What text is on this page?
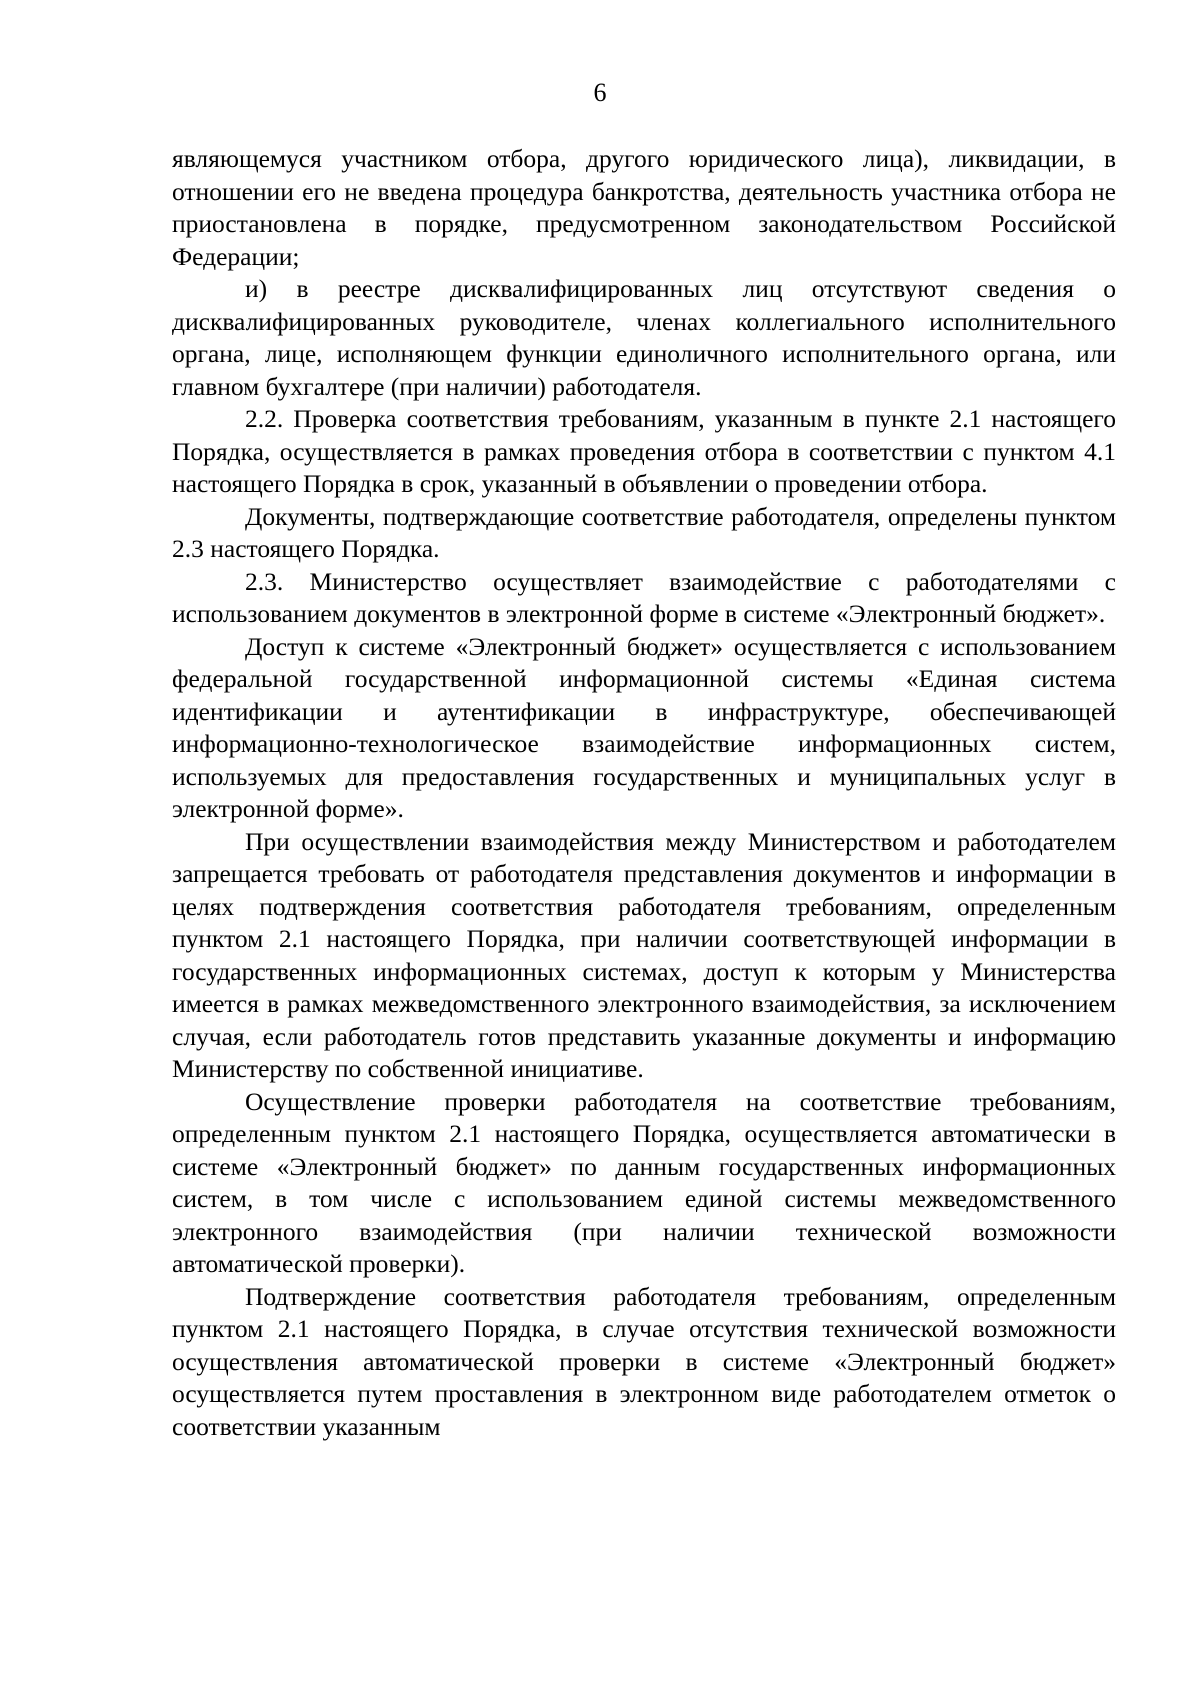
6

являющемуся участником отбора, другого юридического лица), ликвидации, в отношении его не введена процедура банкротства, деятельность участника отбора не приостановлена в порядке, предусмотренном законодательством Российской Федерации;

и) в реестре дисквалифицированных лиц отсутствуют сведения о дисквалифицированных руководителе, членах коллегиального исполнительного органа, лице, исполняющем функции единоличного исполнительного органа, или главном бухгалтере (при наличии) работодателя.

2.2. Проверка соответствия требованиям, указанным в пункте 2.1 настоящего Порядка, осуществляется в рамках проведения отбора в соответствии с пунктом 4.1 настоящего Порядка в срок, указанный в объявлении о проведении отбора.

Документы, подтверждающие соответствие работодателя, определены пунктом 2.3 настоящего Порядка.

2.3. Министерство осуществляет взаимодействие с работодателями с использованием документов в электронной форме в системе «Электронный бюджет».

Доступ к системе «Электронный бюджет» осуществляется с использованием федеральной государственной информационной системы «Единая система идентификации и аутентификации в инфраструктуре, обеспечивающей информационно-технологическое взаимодействие информационных систем, используемых для предоставления государственных и муниципальных услуг в электронной форме».

При осуществлении взаимодействия между Министерством и работодателем запрещается требовать от работодателя представления документов и информации в целях подтверждения соответствия работодателя требованиям, определенным пунктом 2.1 настоящего Порядка, при наличии соответствующей информации в государственных информационных системах, доступ к которым у Министерства имеется в рамках межведомственного электронного взаимодействия, за исключением случая, если работодатель готов представить указанные документы и информацию Министерству по собственной инициативе.

Осуществление проверки работодателя на соответствие требованиям, определенным пунктом 2.1 настоящего Порядка, осуществляется автоматически в системе «Электронный бюджет» по данным государственных информационных систем, в том числе с использованием единой системы межведомственного электронного взаимодействия (при наличии технической возможности автоматической проверки).

Подтверждение соответствия работодателя требованиям, определенным пунктом 2.1 настоящего Порядка, в случае отсутствия технической возможности осуществления автоматической проверки в системе «Электронный бюджет» осуществляется путем проставления в электронном виде работодателем отметок о соответствии указанным
